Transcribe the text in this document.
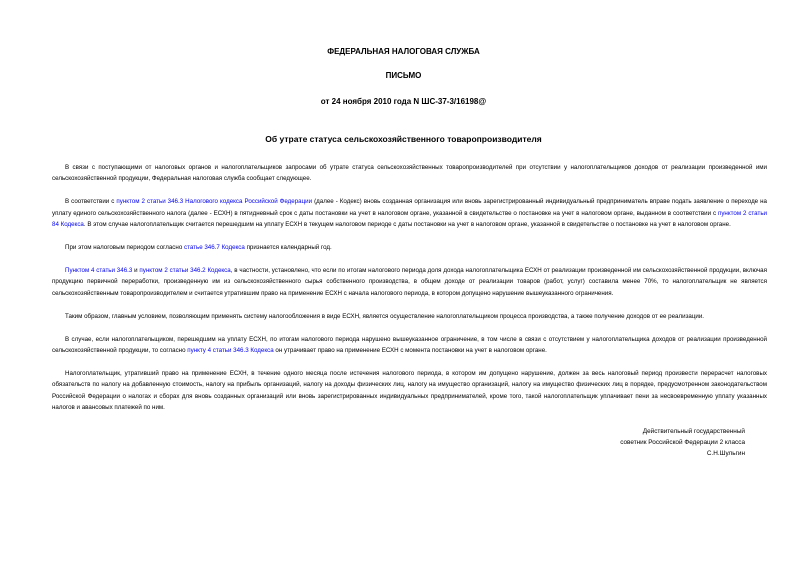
ФЕДЕРАЛЬНАЯ НАЛОГОВАЯ СЛУЖБА
ПИСЬМО
от 24 ноября 2010 года N ШС-37-3/16198@
Об утрате статуса сельскохозяйственного товаропроизводителя

В связи с поступающими от налоговых органов и налогоплательщиков запросами об утрате статуса сельскохозяйственных товаропроизводителей при отсутствии у налогоплательщиков доходов от реализации произведенной ими сельскохозяйственной продукции, Федеральная налоговая служба сообщает следующее.

В соответствии с пунктом 2 статьи 346.3 Налогового кодекса Российской Федерации (далее - Кодекс) вновь созданная организация или вновь зарегистрированный индивидуальный предприниматель вправе подать заявление о переходе на уплату единого сельскохозяйственного налога (далее - ЕСХН) в пятидневный срок с даты постановки на учет в налоговом органе, указанной в свидетельстве о постановке на учет в налоговом органе, выданном в соответствии с пунктом 2 статьи 84 Кодекса. В этом случае налогоплательщик считается перешедшим на уплату ЕСХН в текущем налоговом периоде с даты постановки на учет в налоговом органе, указанной в свидетельстве о постановке на учет в налоговом органе.

При этом налоговым периодом согласно статье 346.7 Кодекса признается календарный год.

Пунктом 4 статьи 346.3 и пунктом 2 статьи 346.2 Кодекса, в частности, установлено, что если по итогам налогового периода доля дохода налогоплательщика ЕСХН от реализации произведенной им сельскохозяйственной продукции, включая продукцию первичной переработки, произведенную им из сельскохозяйственного сырья собственного производства, в общем доходе от реализации товаров (работ, услуг) составила менее 70%, то налогоплательщик не является сельскохозяйственным товаропроизводителем и считается утратившим право на применение ЕСХН с начала налогового периода, в котором допущено нарушение вышеуказанного ограничения.

Таким образом, главным условием, позволяющим применять систему налогообложения в виде ЕСХН, является осуществление налогоплательщиком процесса производства, а также получение доходов от ее реализации.

В случае, если налогоплательщиком, перешедшим на уплату ЕСХН, по итогам налогового периода нарушено вышеуказанное ограничение, в том числе в связи с отсутствием у налогоплательщика доходов от реализации произведенной сельскохозяйственной продукции, то согласно пункту 4 статьи 346.3 Кодекса он утрачивает право на применение ЕСХН с момента постановки на учет в налоговом органе.

Налогоплательщик, утративший право на применение ЕСХН, в течение одного месяца после истечения налогового периода, в котором им допущено нарушение, должен за весь налоговый период произвести перерасчет налоговых обязательств по налогу на добавленную стоимость, налогу на прибыль организаций, налогу на доходы физических лиц, налогу на имущество организаций, налогу на имущество физических лиц в порядке, предусмотренном законодательством Российской Федерации о налогах и сборах для вновь созданных организаций или вновь зарегистрированных индивидуальных предпринимателей, кроме того, такой налогоплательщик уплачивает пени за несвоевременную уплату указанных налогов и авансовых платежей по ним.

Действительный государственный
советник Российской Федерации 2 класса
С.Н.Шульгин
